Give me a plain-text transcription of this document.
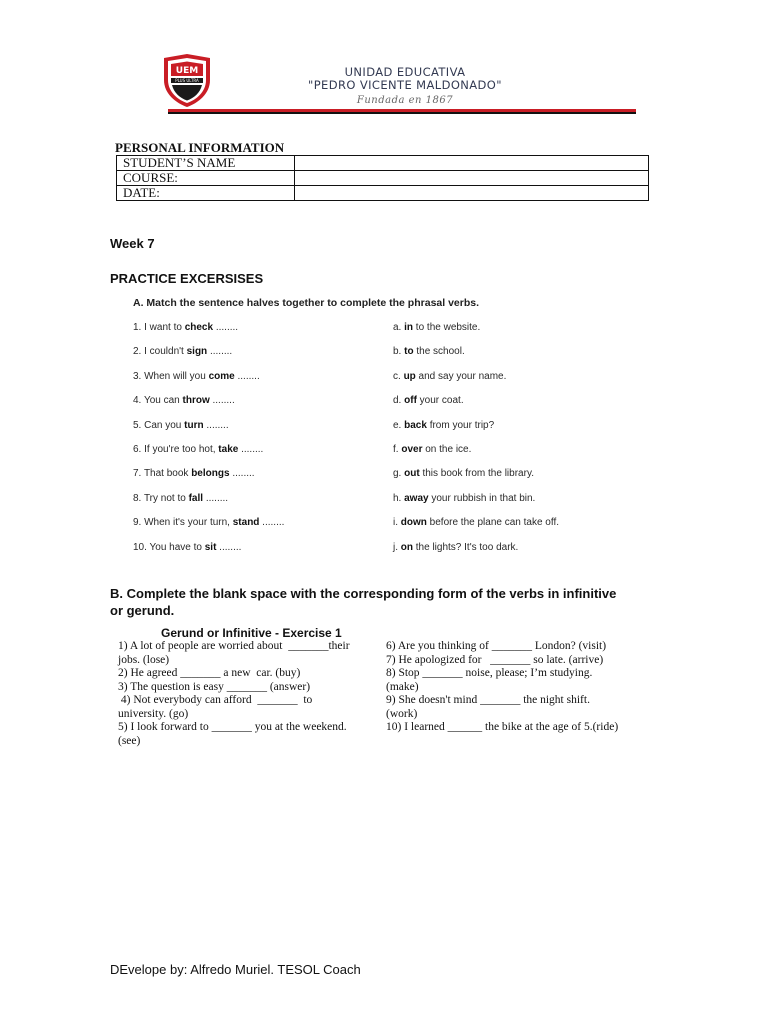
UEM
PLUS ULTRA
UNIDAD EDUCATIVA
"PEDRO VICENTE MALDONADO"
Fundada en 1867
PERSONAL INFORMATION
STUDENT’S NAME	
COURSE:	
DATE:	
Week 7
PRACTICE EXCERSISES
A. Match the sentence halves together to complete the phrasal verbs.
1. I want to check ........
2. I couldn't sign ........
3. When will you come ........
4. You can throw ........
5. Can you turn ........
6. If you're too hot, take ........
7. That book belongs ........
8. Try not to fall ........
9. When it's your turn, stand ........
10. You have to sit ........
a. in to the website.
b. to the school.
c. up and say your name.
d. off your coat.
e. back from your trip?
f. over on the ice.
g. out this book from the library.
h. away your rubbish in that bin.
i. down before the plane can take off.
j. on the lights? It's too dark.
B. Complete the blank space with the corresponding form of the verbs in infinitive or gerund.
Gerund or Infinitive - Exercise 1
1) A lot of people are worried about  _______their
jobs. (lose)
2) He agreed _______ a new  car. (buy)
3) The question is easy _______ (answer)
4) Not everybody can afford  _______  to
university. (go)
5) I look forward to _______ you at the weekend.
(see)
6) Are you thinking of _______ London? (visit)
7) He apologized for   _______ so late. (arrive)
8) Stop _______ noise, please; I’m studying.
(make)
9) She doesn't mind _______ the night shift.
(work)
10) I learned ______ the bike at the age of 5.(ride)
DEvelope by: Alfredo Muriel. TESOL Coach
